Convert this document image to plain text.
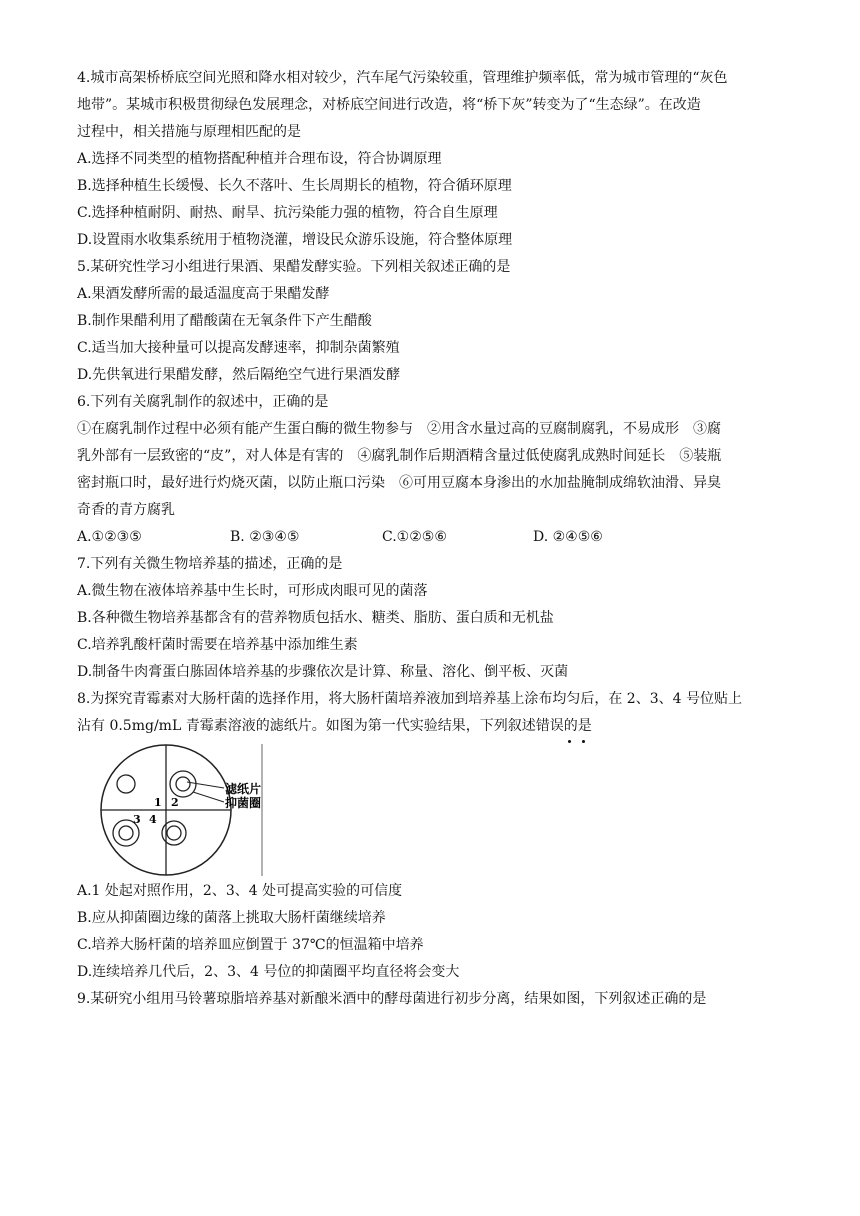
4.城市高架桥桥底空间光照和降水相对较少，汽车尾气污染较重，管理维护频率低，常为城市管理的“灰色
地带”。某城市积极贯彻绿色发展理念，对桥底空间进行改造，将“桥下灰”转变为了“生态绿”。在改造
过程中，相关措施与原理相匹配的是
A.选择不同类型的植物搭配种植并合理布设，符合协调原理
B.选择种植生长缓慢、长久不落叶、生长周期长的植物，符合循环原理
C.选择种植耐阴、耐热、耐旱、抗污染能力强的植物，符合自生原理
D.设置雨水收集系统用于植物浇灌，增设民众游乐设施，符合整体原理
5.某研究性学习小组进行果酒、果醋发酵实验。下列相关叙述正确的是
A.果酒发酵所需的最适温度高于果醋发酵
B.制作果醋利用了醋酸菌在无氧条件下产生醋酸
C.适当加大接种量可以提高发酵速率，抑制杂菌繁殖
D.先供氧进行果醋发酵，然后隔绝空气进行果酒发酵
6.下列有关腐乳制作的叙述中，正确的是
①在腐乳制作过程中必须有能产生蛋白酶的微生物参与　②用含水量过高的豆腐制腐乳，不易成形　③腐
乳外部有一层致密的“皮”，对人体是有害的　④腐乳制作后期酒精含量过低使腐乳成熟时间延长　⑤装瓶
密封瓶口时，最好进行灼烧灭菌，以防止瓶口污染　⑥可用豆腐本身渗出的水加盐腌制成绵软油滑、异臭
奇香的青方腐乳
A.①②③⑤	B. ②③④⑤	C.①②⑤⑥	D. ②④⑤⑥
7.下列有关微生物培养基的描述，正确的是
A.微生物在液体培养基中生长时，可形成肉眼可见的菌落
B.各种微生物培养基都含有的营养物质包括水、糖类、脂肪、蛋白质和无机盐
C.培养乳酸杆菌时需要在培养基中添加维生素
D.制备牛肉膏蛋白胨固体培养基的步骤依次是计算、称量、溶化、倒平板、灭菌
8.为探究青霉素对大肠杆菌的选择作用，将大肠杆菌培养液加到培养基上涂布均匀后，在 2、3、4 号位贴上
沾有 0.5mg/mL 青霉素溶液的滤纸片。如图为第一代实验结果，下列叙述错误的是
滤纸片
抑菌圈
1 2
3 4
A.1 处起对照作用，2、3、4 处可提高实验的可信度
B.应从抑菌圈边缘的菌落上挑取大肠杆菌继续培养
C.培养大肠杆菌的培养皿应倒置于 37℃的恒温箱中培养
D.连续培养几代后，2、3、4 号位的抑菌圈平均直径将会变大
9.某研究小组用马铃薯琼脂培养基对新酿米酒中的酵母菌进行初步分离，结果如图，下列叙述正确的是
